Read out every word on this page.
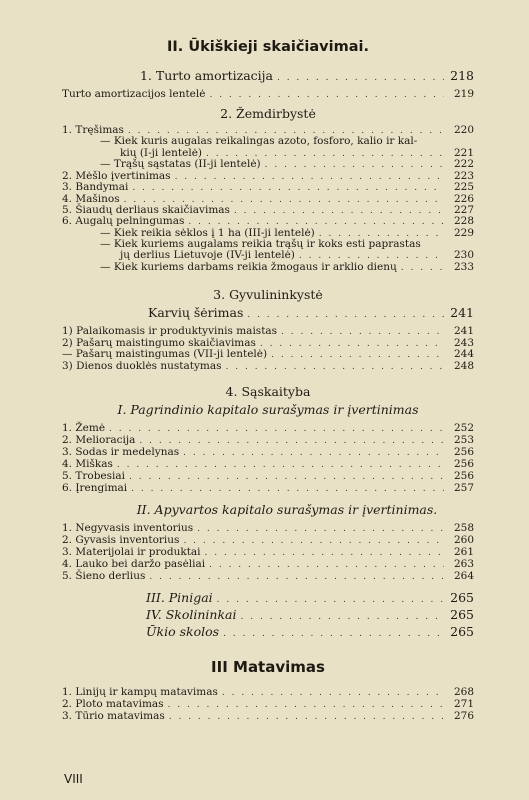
II. Ūkiškieji skaičiavimai.
1. Turto amortizacija . . .	218
Turto amortizacijos lentelė . . .	219
2. Žemdirbystė
1. Tręšimas . . .	220
— Kiek kuris augalas reikalingas azoto, fosforo, kalio ir kal-
kių (I-ji lentelė) . . .	221
— Trąšų sąstatas (II-ji lentelė) . . .	222
2. Mėšlo įvertinimas . . .	223
3. Bandymai . . .	225
4. Mašinos . . .	226
5. Šiaudų derliaus skaičiavimas . . .	227
6. Augalų pelningumas . . .	228
— Kiek reikia sėklos į 1 ha (III-ji lentelė) . . .	229
— Kiek kuriems augalams reikia trąšų ir koks esti paprastas
jų derlius Lietuvoje (IV-ji lentelė) . . .	230
— Kiek kuriems darbams reikia žmogaus ir arklio dienų . . .	233
3. Gyvulininkystė
Karvių šėrimas . . .	241
1) Palaikomasis ir produktyvinis maistas . . .	241
2) Pašarų maistingumo skaičiavimas . . .	243
— Pašarų maistingumas (VII-ji lentelė) . . .	244
3) Dienos duoklės nustatymas . . .	248
4. Sąskaityba
I. Pagrindinio kapitalo surašymas ir įvertinimas
1. Žemė . . .	252
2. Melioracija . . .	253
3. Sodas ir medelynas . . .	256
4. Miškas . . .	256
5. Trobesiai . . .	256
6. Įrengimai . . .	257
II. Apyvartos kapitalo surašymas ir įvertinimas.
1. Negyvasis inventorius . . .	258
2. Gyvasis inventorius . . .	260
3. Materijolai ir produktai . . .	261
4. Lauko bei daržo pasėliai . . .	263
5. Šieno derlius . . .	264
III. Pinigai . . .	265
IV. Skolininkai . . .	265
Ūkio skolos . . .	265
III Matavimas
1. Linijų ir kampų matavimas . . .	268
2. Ploto matavimas . . .	271
3. Tūrio matavimas . . .	276
VIII
